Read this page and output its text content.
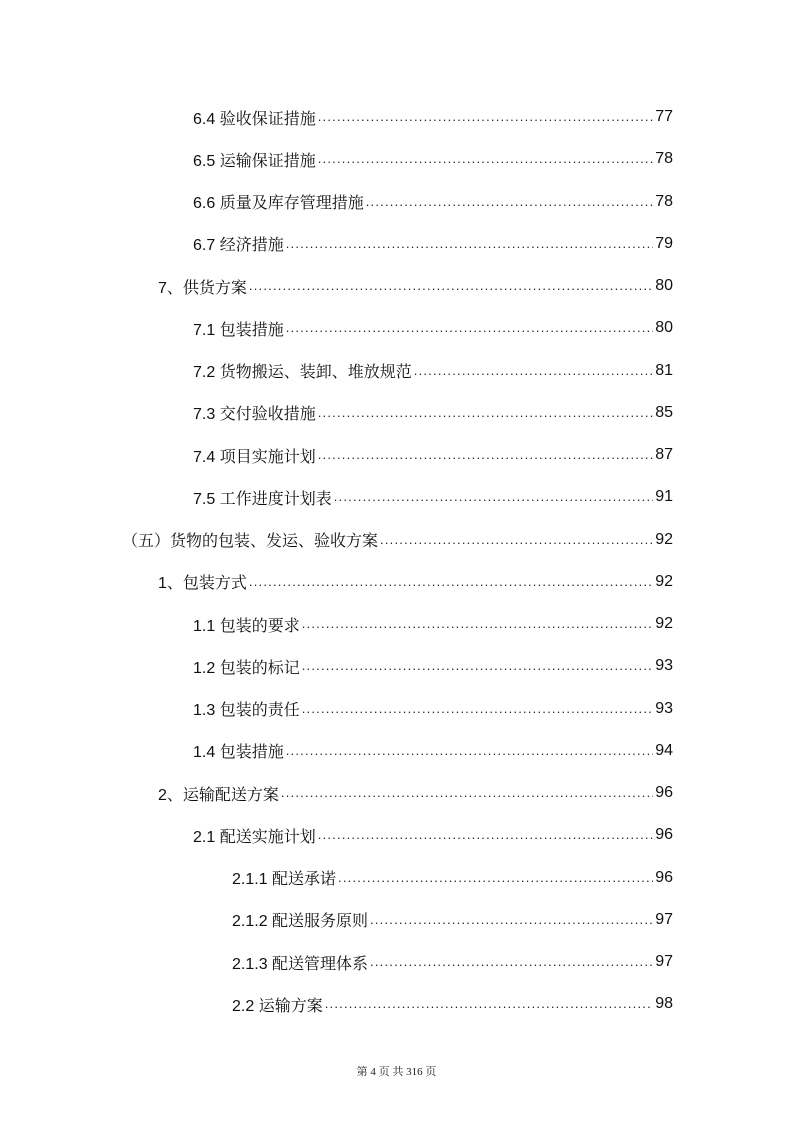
6.4 验收保证措施 .....	77
6.5 运输保证措施 .....	78
6.6 质量及库存管理措施 .....	78
6.7 经济措施 .....	79
7、供货方案 .....	80
7.1 包装措施 .....	80
7.2 货物搬运、装卸、堆放规范 .....	81
7.3 交付验收措施 .....	85
7.4 项目实施计划 .....	87
7.5 工作进度计划表 .....	91
（五）货物的包装、发运、验收方案 .....	92
1、包装方式 .....	92
1.1 包装的要求 .....	92
1.2 包装的标记 .....	93
1.3 包装的责任 .....	93
1.4 包装措施 .....	94
2、运输配送方案 .....	96
2.1 配送实施计划 .....	96
2.1.1 配送承诺 .....	96
2.1.2 配送服务原则 .....	97
2.1.3 配送管理体系 .....	97
2.2 运输方案 .....	98
第 4 页 共 316 页
